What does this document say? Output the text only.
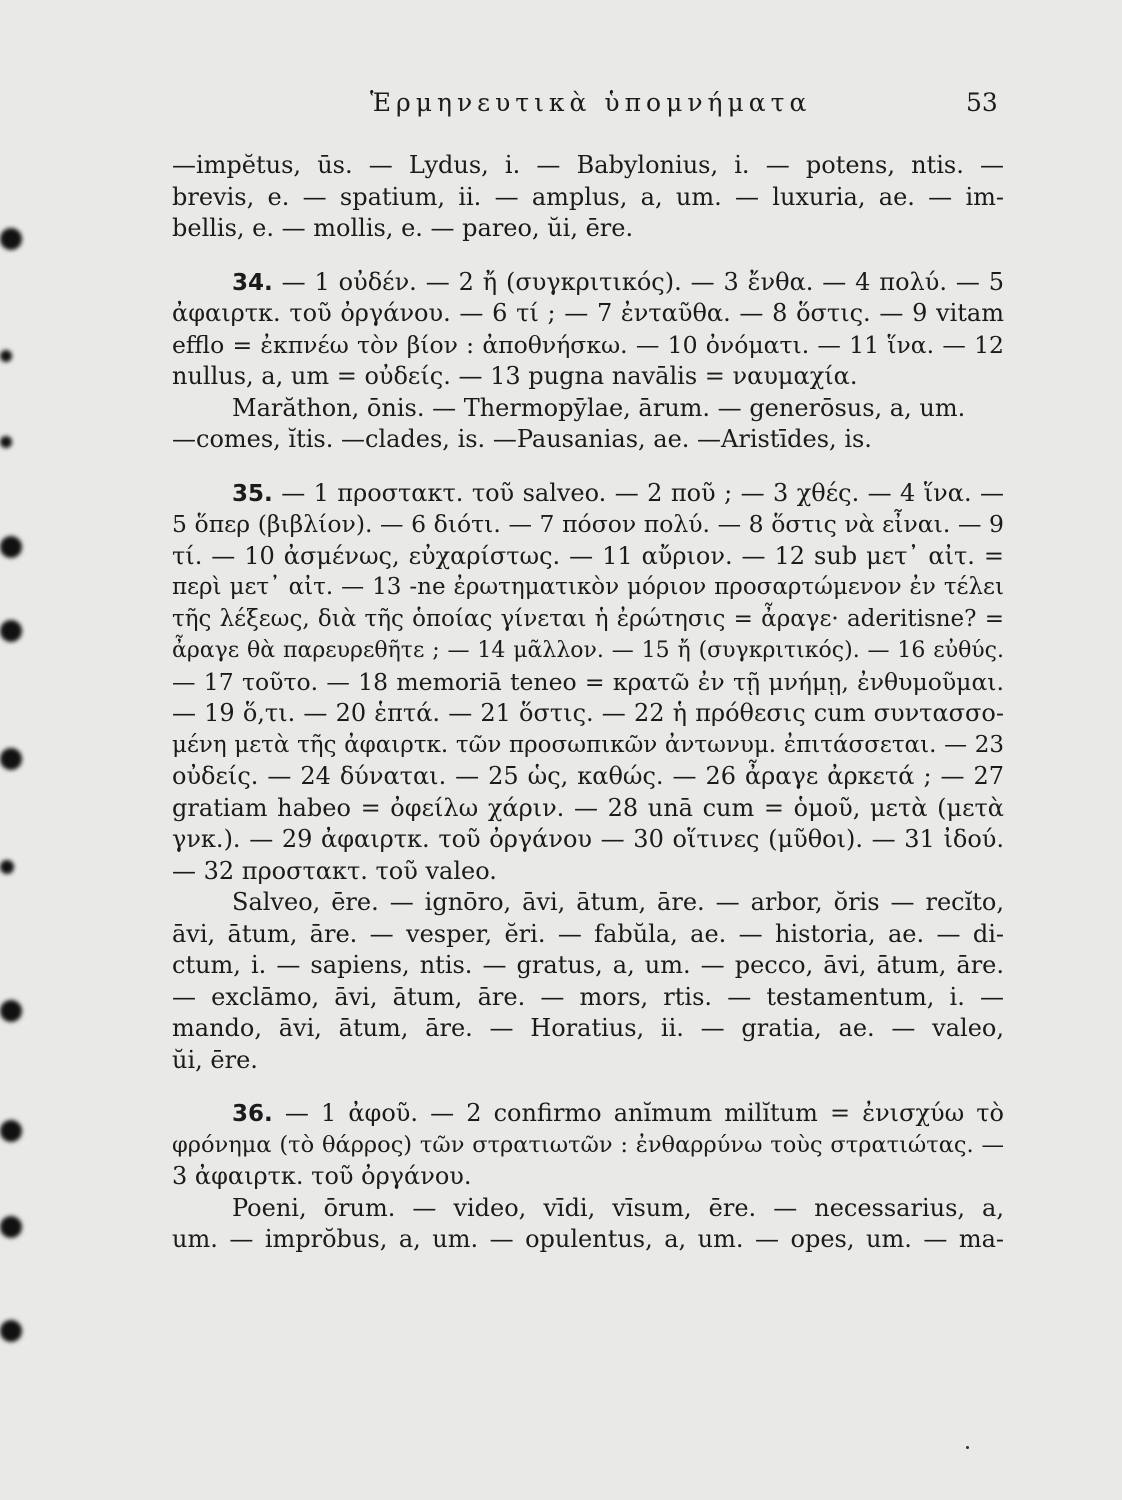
Ἑρμηνευτικὰ ὑπομνήματα	53
—impĕtus, ūs. — Lydus, i. — Babylonius, i. — potens, ntis. —
brevis, e. — spatium, ii. — amplus, a, um. — luxuria, ae. — im-
bellis, e. — mollis, e. — pareo, ŭi, ēre.
34. — 1 οὐδέν. — 2 ἤ (συγκριτικός). — 3 ἔνθα. — 4 πολύ. — 5
ἀφαιρτκ. τοῦ ὀργάνου. — 6 τί ; — 7 ἐνταῦθα. — 8 ὅστις. — 9 vitam
efflo = ἐκπνέω τὸν βίον : ἀποθνήσκω. — 10 ὀνόματι. — 11 ἵνα. — 12
nullus, a, um = οὐδείς. — 13 pugna navālis = ναυμαχία.
Marăthon, ōnis. — Thermopȳlae, ārum. — generōsus, a, um.
—comes, ĭtis. —clades, is. —Pausanias, ae. —Aristīdes, is.
35. — 1 προστακτ. τοῦ salveo. — 2 ποῦ ; — 3 χθές. — 4 ἵνα. —
5 ὅπερ (βιβλίον). — 6 διότι. — 7 πόσον πολύ. — 8 ὅστις νὰ εἶναι. — 9
τί. — 10 ἀσμένως, εὐχαρίστως. — 11 αὔριον. — 12 sub μετ᾿ αἰτ. =
περὶ μετ᾿ αἰτ. — 13 -ne ἐρωτηματικὸν μόριον προσαρτώμενον ἐν τέλει
τῆς λέξεως, διὰ τῆς ὁποίας γίνεται ἡ ἐρώτησις = ἆραγε· aderitisne? =
ἆραγε θὰ παρευρεθῆτε ; — 14 μᾶλλον. — 15 ἤ (συγκριτικός). — 16 εὐθύς.
— 17 τοῦτο. — 18 memoriā teneo = κρατῶ ἐν τῇ μνήμῃ, ἐνθυμοῦμαι.
— 19 ὅ,τι. — 20 ἑπτά. — 21 ὅστις. — 22 ἡ πρόθεσις cum συντασσο-
μένη μετὰ τῆς ἀφαιρτκ. τῶν προσωπικῶν ἀντωνυμ. ἐπιτάσσεται. — 23
οὐδείς. — 24 δύναται. — 25 ὡς, καθώς. — 26 ἆραγε ἀρκετά ; — 27
gratiam habeo = ὀφείλω χάριν. — 28 unā cum = ὁμοῦ, μετὰ (μετὰ
γνκ.). — 29 ἀφαιρτκ. τοῦ ὀργάνου — 30 οἵτινες (μῦθοι). — 31 ἰδού.
— 32 προστακτ. τοῦ valeo.
Salveo, ēre. — ignōro, āvi, ātum, āre. — arbor, ŏris — recĭto,
āvi, ātum, āre. — vesper, ĕri. — fabŭla, ae. — historia, ae. — di-
ctum, i. — sapiens, ntis. — gratus, a, um. — pecco, āvi, ātum, āre.
— exclāmo, āvi, ātum, āre. — mors, rtis. — testamentum, i. —
mando, āvi, ātum, āre. — Horatius, ii. — gratia, ae. — valeo,
ŭi, ēre.
36. — 1 ἀφοῦ. — 2 confirmo anĭmum milĭtum = ἐνισχύω τὸ
φρόνημα (τὸ θάρρος) τῶν στρατιωτῶν : ἐνθαρρύνω τοὺς στρατιώτας. —
3 ἀφαιρτκ. τοῦ ὀργάνου.
Poeni, ōrum. — video, vīdi, vīsum, ēre. — necessarius, a,
um. — imprŏbus, a, um. — opulentus, a, um. — opes, um. — ma-
